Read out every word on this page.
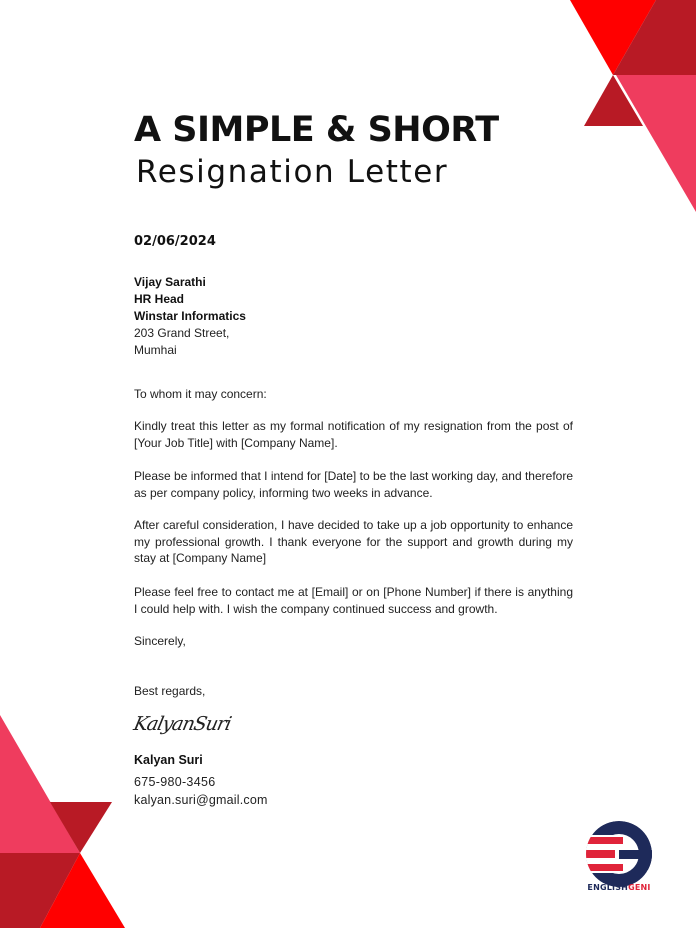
A SIMPLE & SHORT
Resignation Letter
02/06/2024
Vijay Sarathi
HR Head
Winstar Informatics
203 Grand Street,
Mumhai
To whom it may concern:
Kindly treat this letter as my formal notification of my resignation from the post of [Your Job Title] with [Company Name].
Please be informed that I intend for [Date] to be the last working day, and therefore as per company policy, informing two weeks in advance.
After careful consideration, I have decided to take up a job opportunity to enhance my professional growth. I thank everyone for the support and growth during my stay at [Company Name]
Please feel free to contact me at [Email] or on [Phone Number] if there is anything I could help with. I wish the company continued success and growth.
Sincerely,
Best regards,
KalyanSuri
Kalyan Suri
675-980-3456
kalyan.suri@gmail.com
ENGLISHGENI
